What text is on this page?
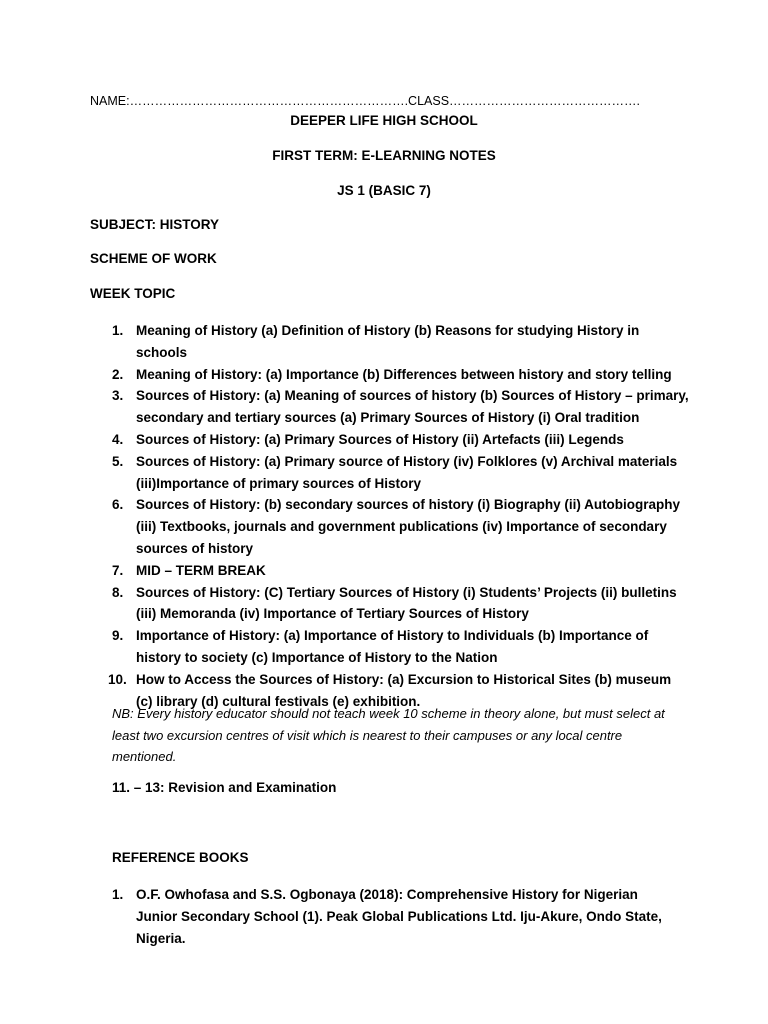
NAME:………………………………………………………….CLASS……………………………………….
DEEPER LIFE HIGH SCHOOL
FIRST TERM: E-LEARNING NOTES
JS 1 (BASIC 7)
SUBJECT: HISTORY
SCHEME OF WORK
WEEK TOPIC
1. Meaning of History (a) Definition of History (b) Reasons for studying History in schools
2. Meaning of History: (a) Importance (b) Differences between history and story telling
3. Sources of History: (a) Meaning of sources of history (b) Sources of History – primary, secondary and tertiary sources (a) Primary Sources of History (i) Oral tradition
4. Sources of History: (a) Primary Sources of History (ii) Artefacts (iii) Legends
5. Sources of History: (a) Primary source of History (iv) Folklores (v) Archival materials (iii)Importance of primary sources of History
6. Sources of History: (b) secondary sources of history (i) Biography (ii) Autobiography (iii) Textbooks, journals and government publications (iv) Importance of secondary sources of history
7. MID – TERM BREAK
8. Sources of History: (C) Tertiary Sources of History (i) Students’ Projects (ii) bulletins (iii) Memoranda (iv) Importance of Tertiary Sources of History
9. Importance of History: (a) Importance of History to Individuals (b) Importance of history to society (c) Importance of History to the Nation
10. How to Access the Sources of History: (a) Excursion to Historical Sites (b) museum (c) library (d) cultural festivals (e) exhibition.
NB: Every history educator should not teach week 10 scheme in theory alone, but must select at least two excursion centres of visit which is nearest to their campuses or any local centre mentioned.
11. – 13: Revision and Examination
REFERENCE BOOKS
1. O.F. Owhofasa and S.S. Ogbonaya (2018): Comprehensive History for Nigerian Junior Secondary School (1). Peak Global Publications Ltd. Iju-Akure, Ondo State, Nigeria.
